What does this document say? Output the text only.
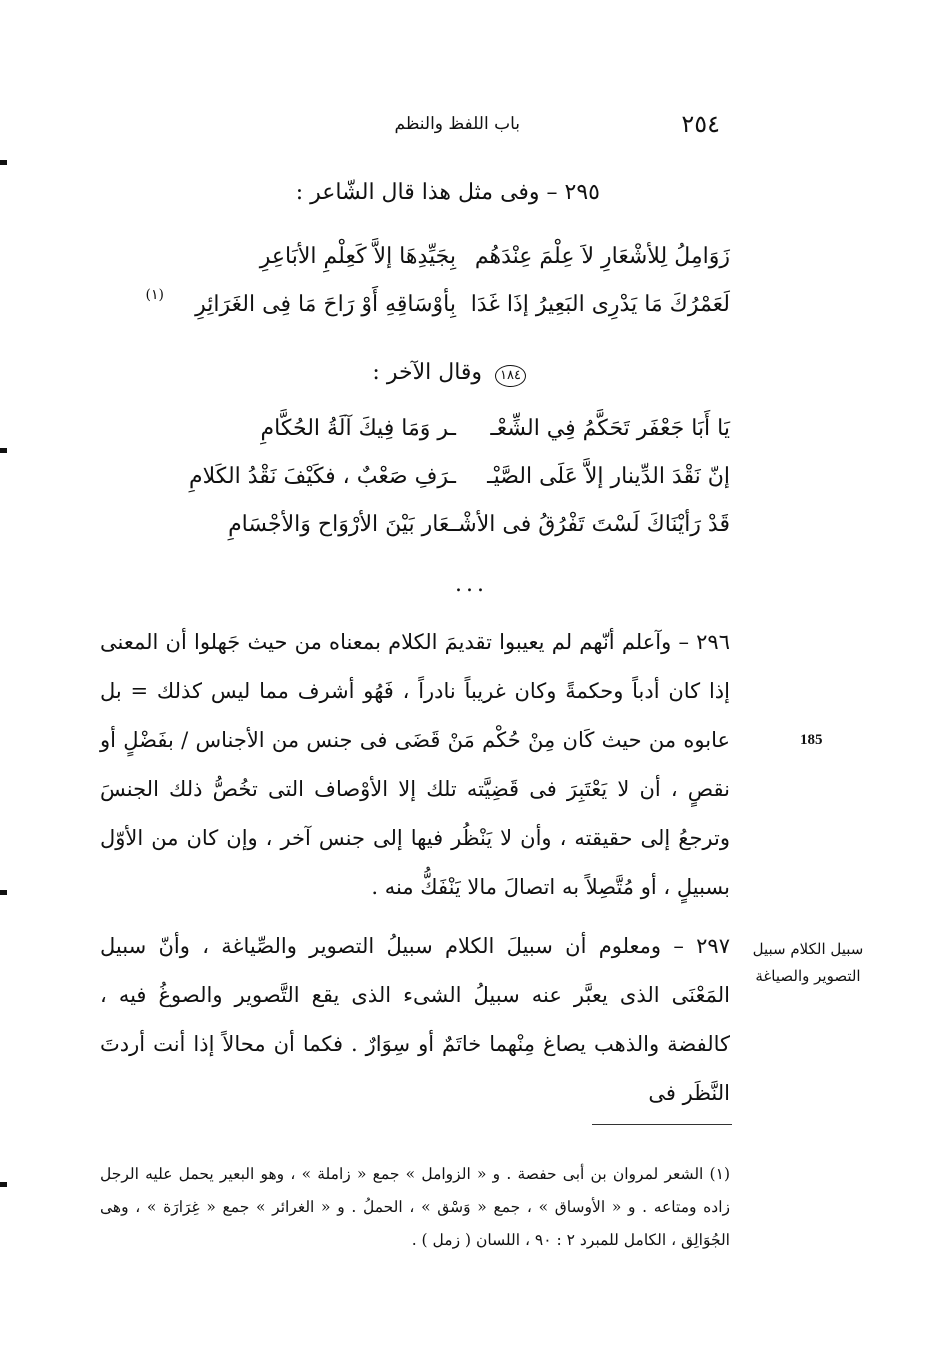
٢٥٤
باب اللفظ والنظم
٢٩٥ – وفى مثل هذا قال الشّاعر :
زَوَامِلُ لِلأشْعَارِ لاَ عِلْمَ عِنْدَهُم
بِجَيِّدِهَا إلاَّ كَعِلْمِ الأبَاعِرِ
لَعَمْرُكَ مَا يَدْرِى البَعِيرُ إذَا غَدَا
بِأوْسَاقِهِ أَوْ رَاحَ مَا فِى الغَرَائِرِ
(١)
١٨٤ وقال الآخر :
يَا أَبَا جَعْفَر تَحَكَّمُ فِي الشِّعْـ
ـر وَمَا فِيكَ آلَةُ الحُكَّامِ
إنّ نَقْدَ الدِّينار إلاَّ عَلَى الصَّيْـ
ـرَفِ صَعْبٌ ، فكَيْفَ نَقْدُ الكَلامِ
قَدْ رَأيْنَاكَ لَسْتَ تَفْرُقُ فى الأشْـ
ـعَار بَيْنَ الأرْوَاح وَالأجْسَامِ
...
185
سبيل الكلام سبيل
التصوير والصياغة

٢٩٦ – وآعلم أنّهم لم يعيبوا تقديمَ الكلام بمعناه من حيث جَهلوا أن المعنى إذا كان أدباً وحكمةً وكان غريباً نادراً ، فَهُو أشرف مما ليس كذلك = بل عابوه من حيث كَان مِنْ حُكْم مَنْ قَضَى فى جنس من الأجناس / بفَضْلٍ أو نقصٍ ، أن لا يَعْتَبِرَ فى قَضِيَّته تلك إلا الأوْصاف التى تخُصُّ ذلك الجنسَ وترجعُ إلى حقيقته ، وأن لا يَنْظُر فيها إلى جنس آخر ، وإن كان من الأوّل بسبيلٍ ، أو مُتَّصِلاً به اتصالَ مالا يَنْفَكُّ منه .

٢٩٧ – ومعلوم أن سبيلَ الكلام سبيلُ التصوير والصِّياغة ، وأنّ سبيل المَعْنَى الذى يعبَّر عنه سبيلُ الشىء الذى يقع التَّصوير والصوغُ فيه ، كالفضة والذهب يصاغ مِنْهما خاتَمٌ أو سِوَارٌ . فكما أن محالاً إذا أنت أردتَ النَّظَر فى

(١) الشعر لمروان بن أبى حفصة . و « الزوامل » جمع « زاملة » ، وهو البعير يحمل عليه الرجل زاده ومتاعه . و « الأوساق » ، جمع « وَسْق » ، الحملُ . و « الغرائر » جمع « غِرَارَة » ، وهى الجُوَالِق ، الكامل للمبرد ٢ : ٩٠ ، اللسان ( زمل ) .
